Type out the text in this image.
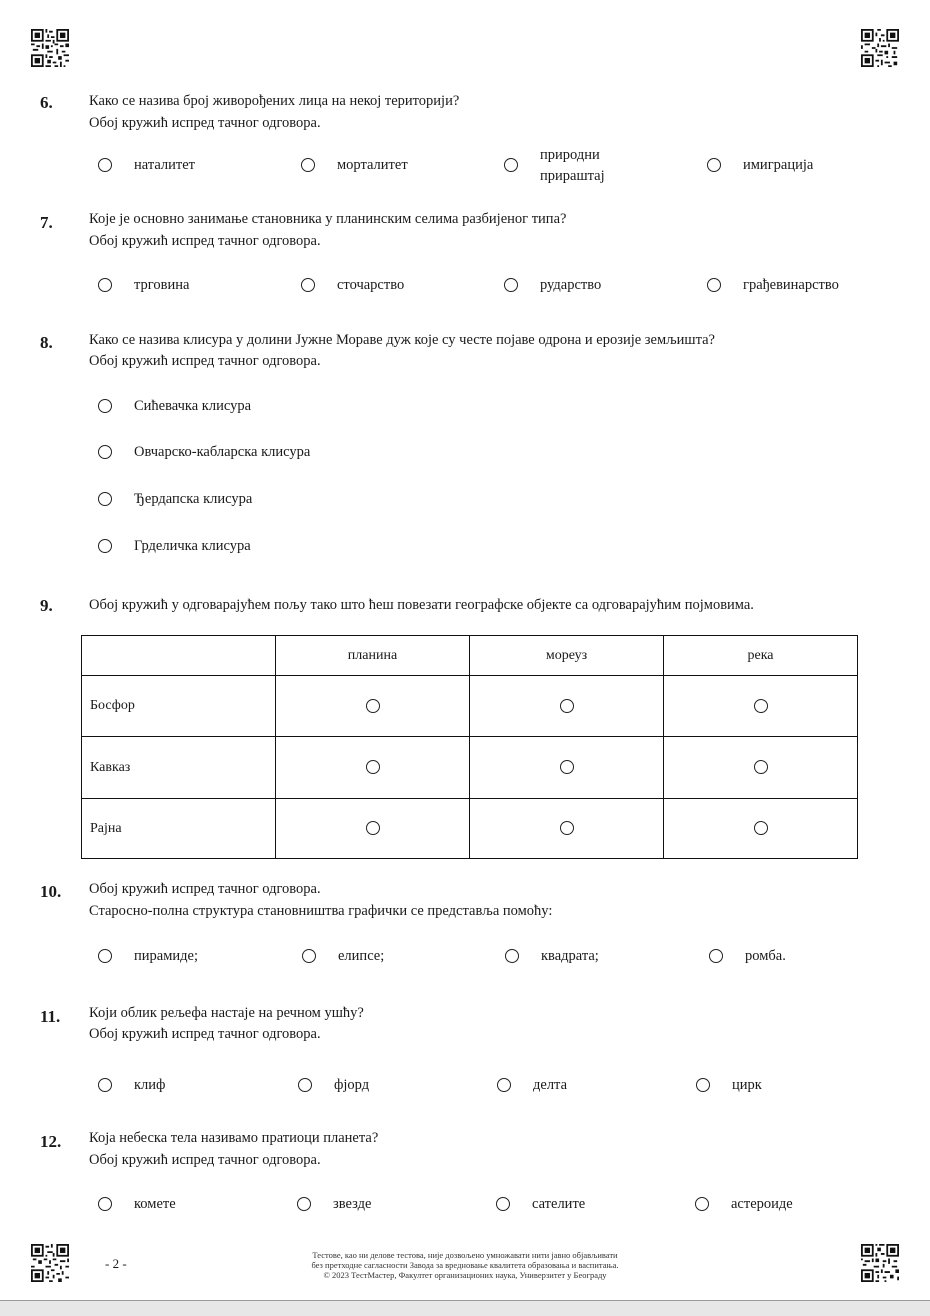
6.	Како се назива број живорођених лица на некој територији?
Обој кружић испред тачног одговора.
наталитет	морталитет
природни
прираштај
имиграција
7.	Које је основно занимање становника у планинским селима разбијеног типа?
Обој кружић испред тачног одговора.
трговина	сточарство	рударство	грађевинарство
8.	Како се назива клисура у долини Јужне Мораве дуж које су честе појаве одрона и ерозије земљишта?
Обој кружић испред тачног одговора.
Сићевачка клисура
Овчарско-кабларска клисура
Ђердапска клисура
Грделичка клисура
9.	Обој кружић у одговарајућем пољу тако што ћеш повезати географске објекте са одговарајућим појмовима.
	планина	мореуз	река
Босфор			
Кавказ			
Рајна			
10. Обој кружић испред тачног одговора.
Старосно-полна структура становништва графички се представља помоћу:
пирамиде;	елипсе;	квадрата;	ромба.
11. Који облик рељефа настаје на речном ушћу?
Обој кружић испред тачног одговора.
клиф	фјорд	делта	цирк
12. Која небеска тела називамо пратиоци планета?
Обој кружић испред тачног одговора.
комете	звезде	сателите	астероиде
- 2 -
Тестове, као ни делове тестова, није дозвољено умножавати нити јавно објављивати
без претходне сагласности Завода за вредновање квалитета образовања и васпитања.
© 2023 ТестМастер, Факултет организационих наука, Универзитет у Београду
